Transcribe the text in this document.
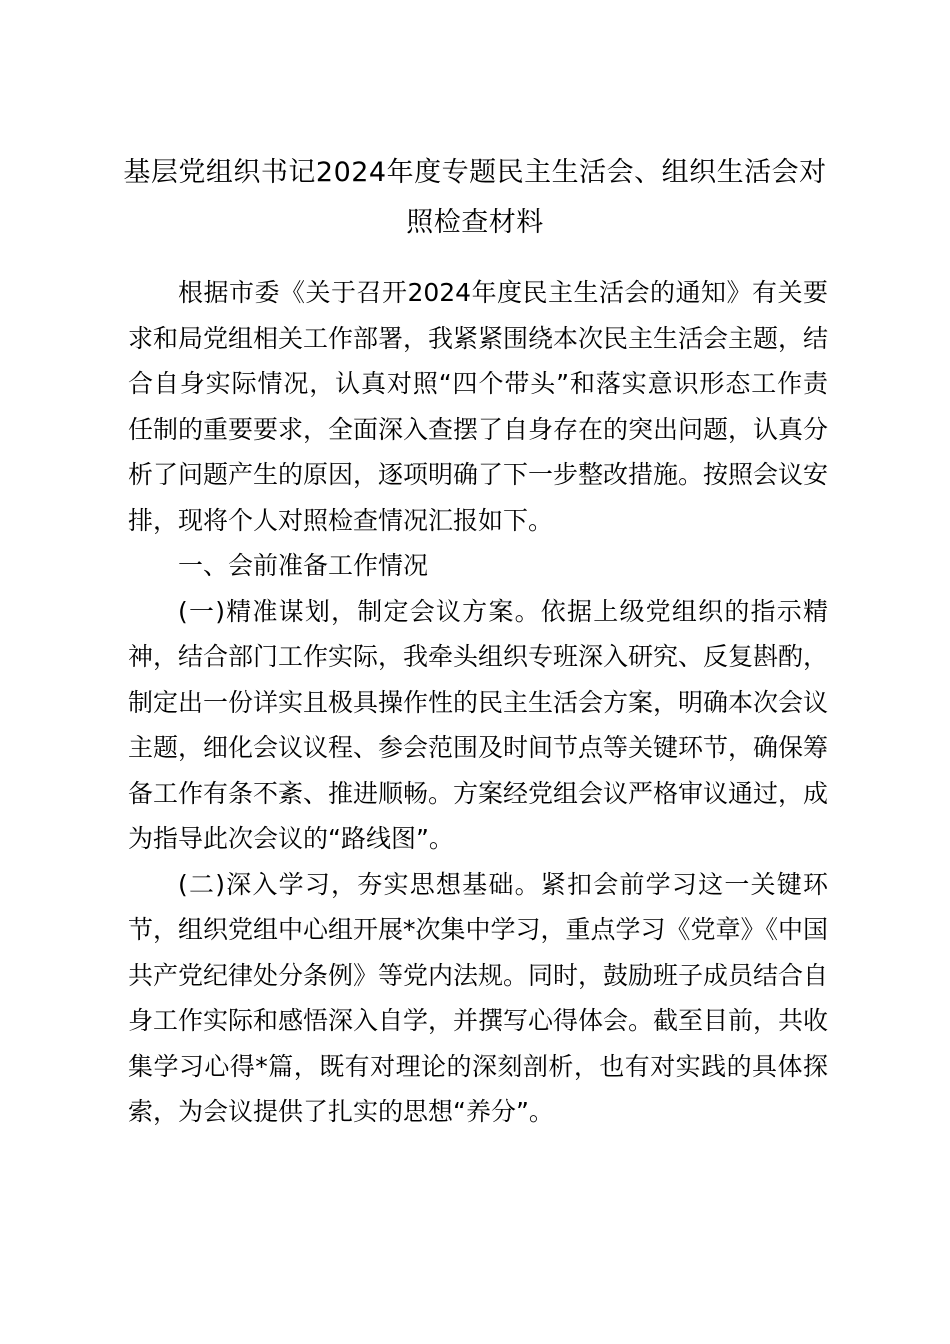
基层党组织书记2024年度专题民主生活会、组织生活会对照检查材料

根据市委《关于召开2024年度民主生活会的通知》有关要求和局党组相关工作部署，我紧紧围绕本次民主生活会主题，结合自身实际情况，认真对照“四个带头”和落实意识形态工作责任制的重要要求，全面深入查摆了自身存在的突出问题，认真分析了问题产生的原因，逐项明确了下一步整改措施。按照会议安排，现将个人对照检查情况汇报如下。

一、会前准备工作情况

(一)精准谋划，制定会议方案。依据上级党组织的指示精神，结合部门工作实际，我牵头组织专班深入研究、反复斟酌，制定出一份详实且极具操作性的民主生活会方案，明确本次会议主题，细化会议议程、参会范围及时间节点等关键环节，确保筹备工作有条不紊、推进顺畅。方案经党组会议严格审议通过，成为指导此次会议的“路线图”。

(二)深入学习，夯实思想基础。紧扣会前学习这一关键环节，组织党组中心组开展*次集中学习，重点学习《党章》《中国共产党纪律处分条例》等党内法规。同时，鼓励班子成员结合自身工作实际和感悟深入自学，并撰写心得体会。截至目前，共收集学习心得*篇，既有对理论的深刻剖析，也有对实践的具体探索，为会议提供了扎实的思想“养分”。
